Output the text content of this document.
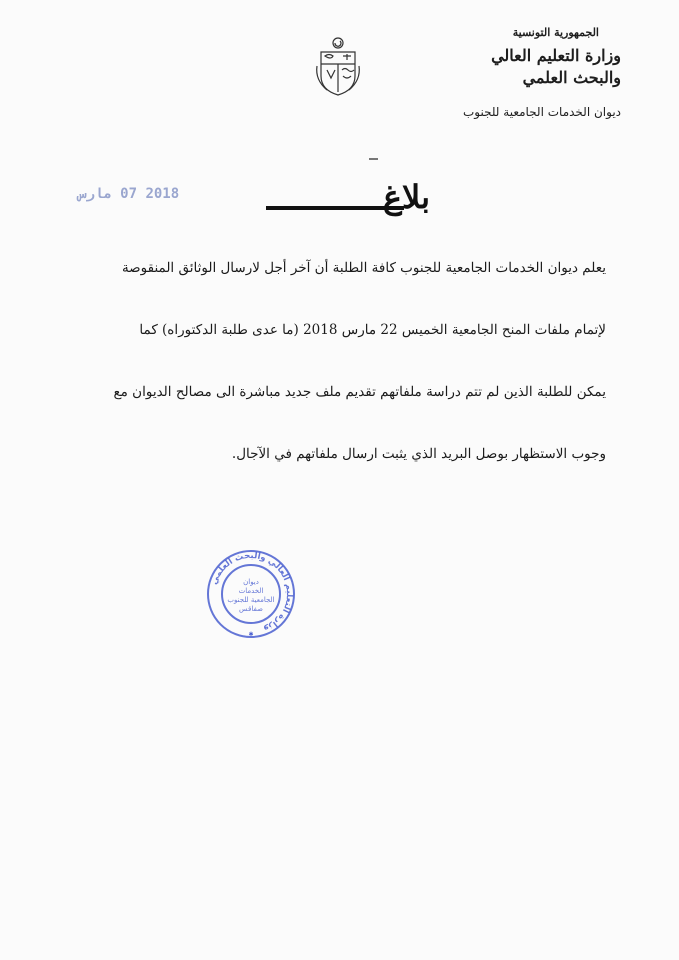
الجمهورية التونسية
وزارة التعليم العالي
والبحث العلمي
ديوان الخدمات الجامعية للجنوب
2018 07 مارس	بلاغ

يعلم ديوان الخدمات الجامعية للجنوب كافة الطلبة أن آخر أجل لارسال الوثائق المنقوصة

لإتمام ملفات المنح الجامعية الخميس 22 مارس 2018 (ما عدى طلبة الدكتوراه) كما

يمكن للطلبة الذين لم تتم دراسة ملفاتهم تقديم ملف جديد مباشرة الى مصالح الديوان مع

وجوب الاستظهار بوصل البريد الذي يثبت ارسال ملفاتهم في الآجال.

وزارة التعليم العالي والبحث العلمي
ديوان
الخدمات
الجامعية للجنوب
صفاقس
✱
